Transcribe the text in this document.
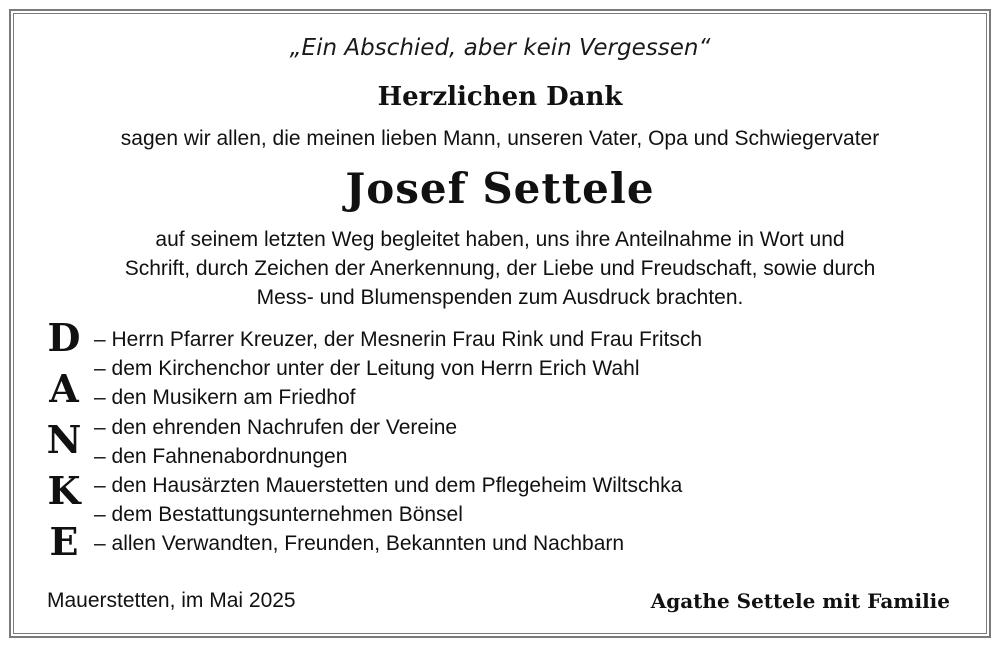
„Ein Abschied, aber kein Vergessen“
Herzlichen Dank
sagen wir allen, die meinen lieben Mann, unseren Vater, Opa und Schwiegervater
Josef Settele
auf seinem letzten Weg begleitet haben, uns ihre Anteilnahme in Wort und
Schrift, durch Zeichen der Anerkennung, der Liebe und Freudschaft, sowie durch
Mess- und Blumenspenden zum Ausdruck brachten.
D
A
N
K
E
– Herrn Pfarrer Kreuzer, der Mesnerin Frau Rink und Frau Fritsch
– dem Kirchenchor unter der Leitung von Herrn Erich Wahl
– den Musikern am Friedhof
– den ehrenden Nachrufen der Vereine
– den Fahnenabordnungen
– den Hausärzten Mauerstetten und dem Pflegeheim Wiltschka
– dem Bestattungsunternehmen Bönsel
– allen Verwandten, Freunden, Bekannten und Nachbarn
Mauerstetten, im Mai 2025	Agathe Settele mit Familie
